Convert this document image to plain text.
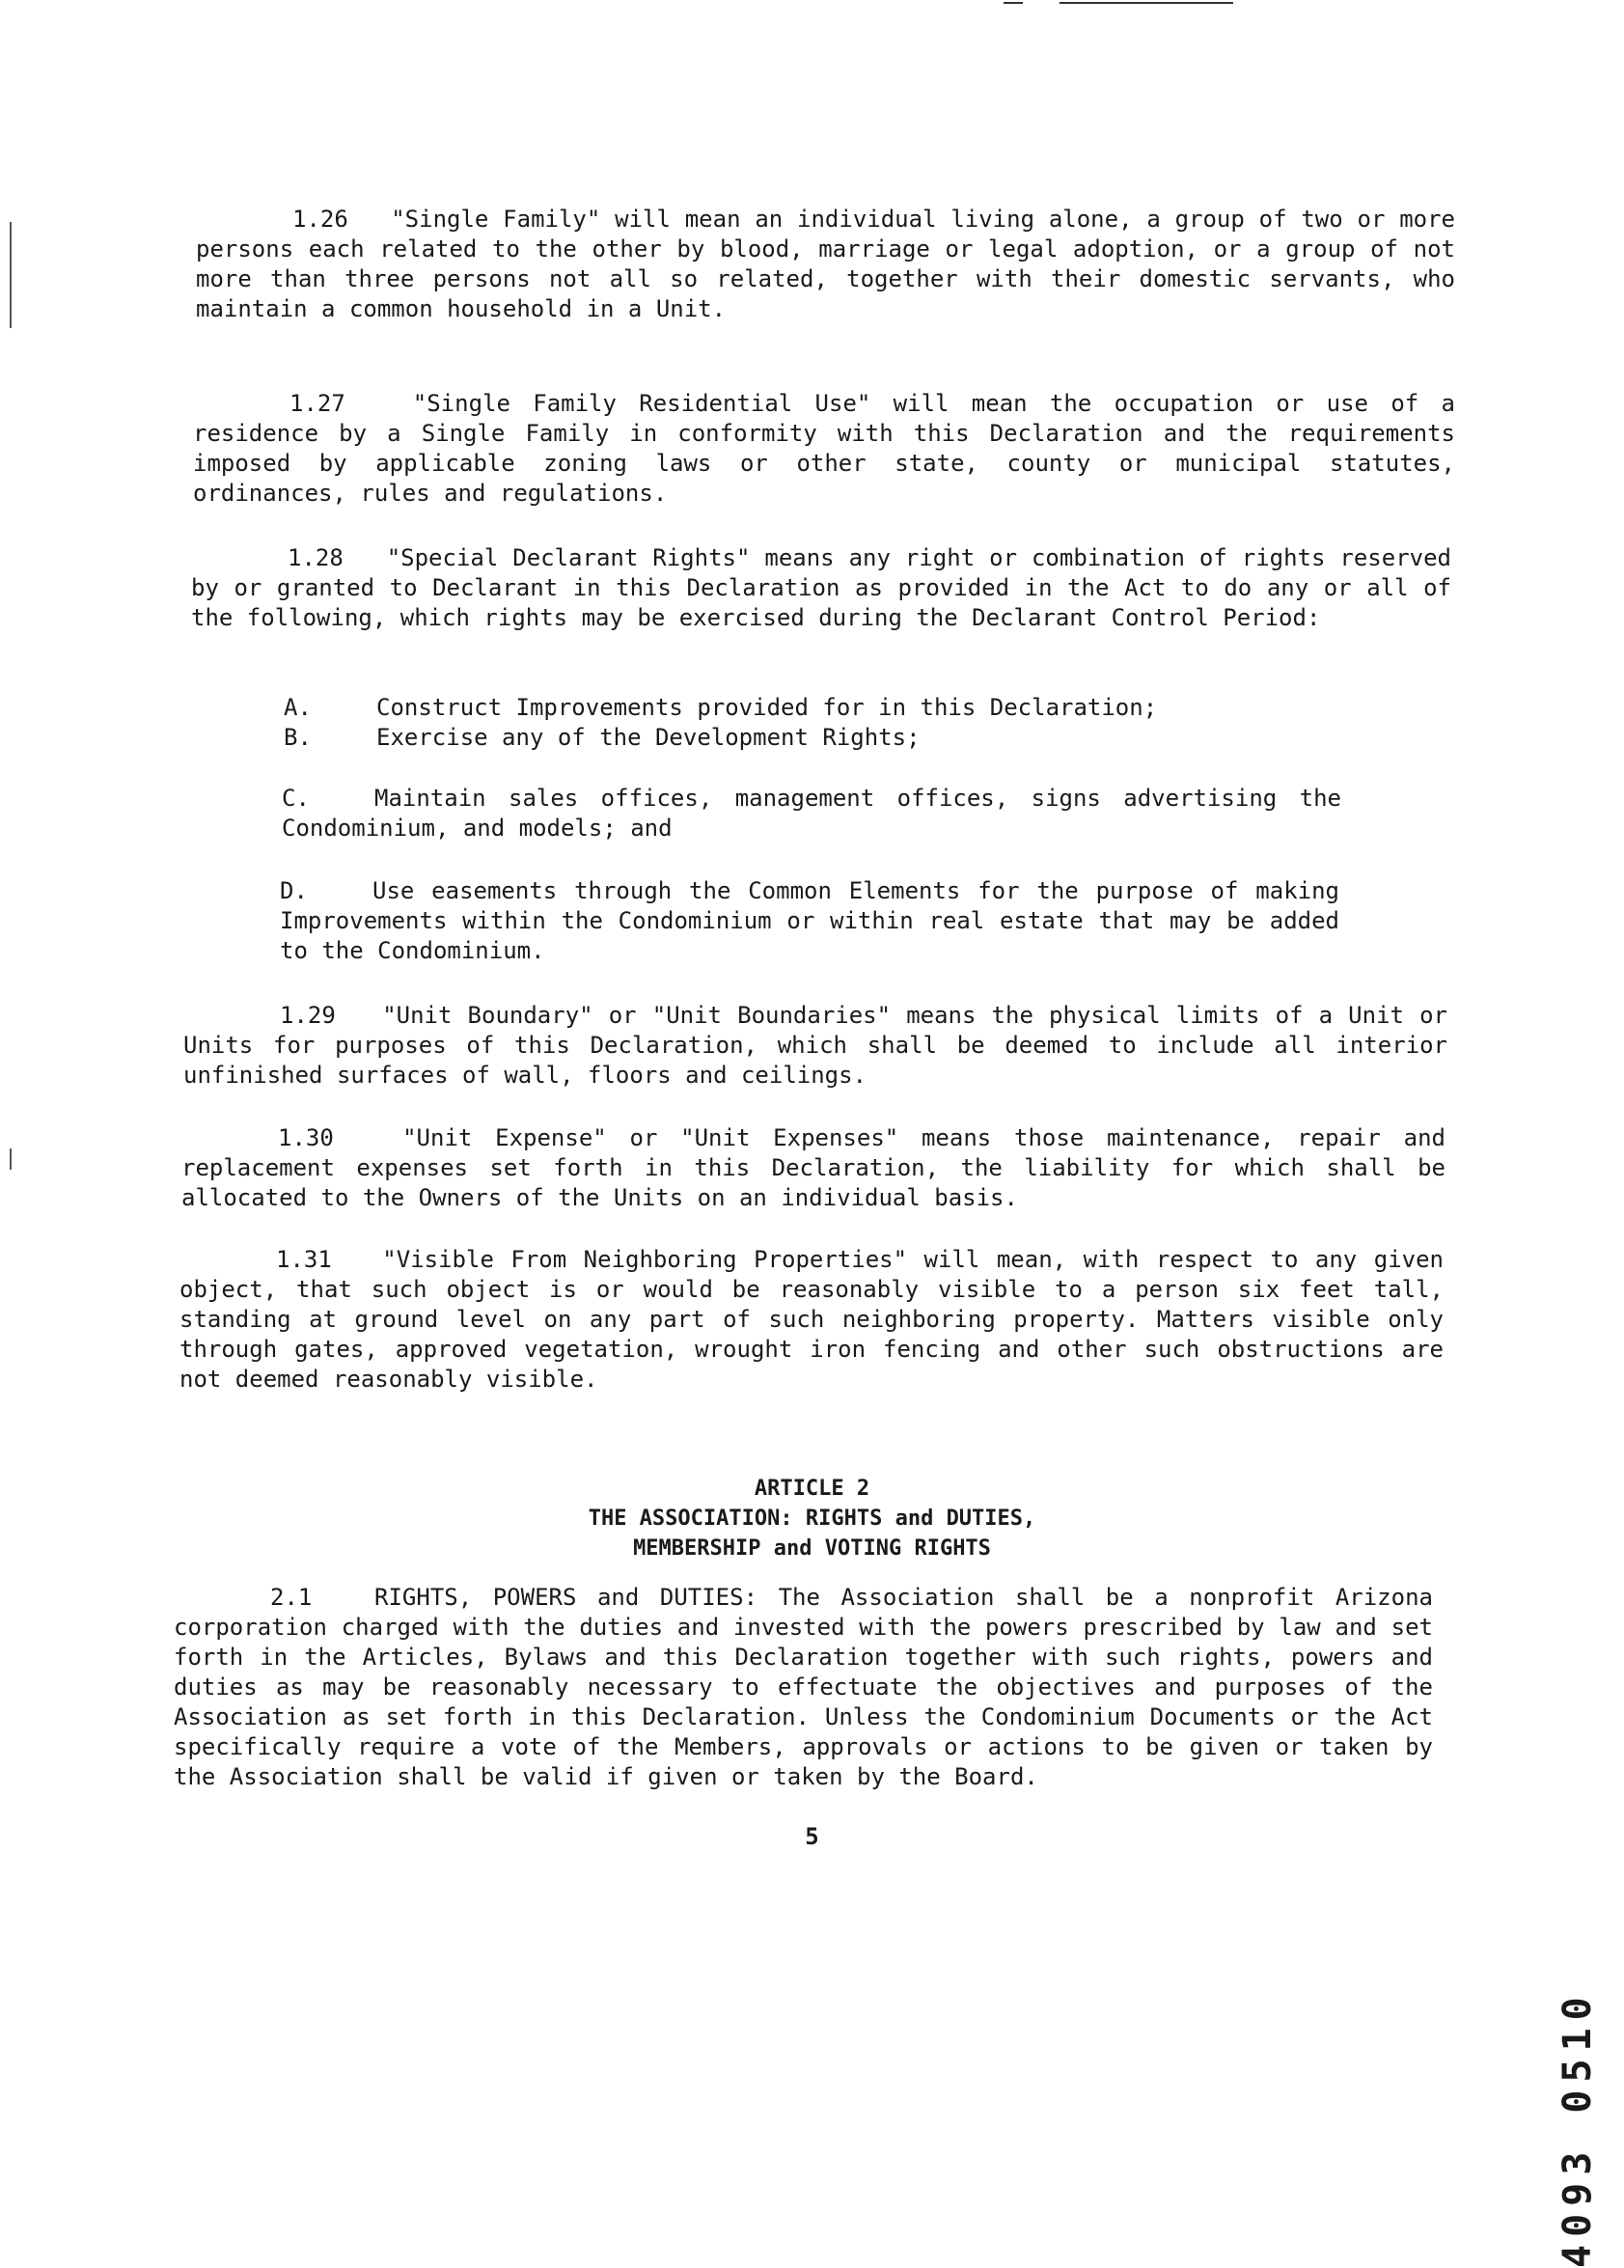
1.26 "Single Family" will mean an individual living alone, a group of two or more persons each related to the other by blood, marriage or legal adoption, or a group of not more than three persons not all so related, together with their domestic servants, who maintain a common household in a Unit.

1.27	"Single Family Residential Use" will mean the occupation or use of a residence by a Single Family in conformity with this Declaration and the requirements imposed by applicable zoning laws or other state, county or municipal statutes, ordinances, rules and regulations.

1.28 "Special Declarant Rights" means any right or combination of rights reserved by or granted to Declarant in this Declaration as provided in the Act to do any or all of the following, which rights may be exercised during the Declarant Control Period:

A.	Construct Improvements provided for in this Declaration;
B.	Exercise any of the Development Rights;

C.	Maintain sales offices, management offices, signs advertising the Condominium, and models; and

D.	Use easements through the Common Elements for the purpose of making Improvements within the Condominium or within real estate that may be added to the Condominium.

1.29 "Unit Boundary" or "Unit Boundaries" means the physical limits of a Unit or Units for purposes of this Declaration, which shall be deemed to include all interior unfinished surfaces of wall, floors and ceilings.

1.30	"Unit Expense" or "Unit Expenses" means those maintenance, repair and replacement expenses set forth in this Declaration, the liability for which shall be allocated to the Owners of the Units on an individual basis.

1.31 "Visible From Neighboring Properties" will mean, with respect to any given object, that such object is or would be reasonably visible to a person six feet tall, standing at ground level on any part of such neighboring property. Matters visible only through gates, approved vegetation, wrought iron fencing and other such obstructions are not deemed reasonably visible.

ARTICLE 2
THE ASSOCIATION: RIGHTS and DUTIES,
MEMBERSHIP and VOTING RIGHTS

2.1	RIGHTS, POWERS and DUTIES: The Association shall be a nonprofit Arizona corporation charged with the duties and invested with the powers prescribed by law and set forth in the Articles, Bylaws and this Declaration together with such rights, powers and duties as may be reasonably necessary to effectuate the objectives and purposes of the Association as set forth in this Declaration. Unless the Condominium Documents or the Act specifically require a vote of the Members, approvals or actions to be given or taken by the Association shall be valid if given or taken by the Board.

5
4093 0510
